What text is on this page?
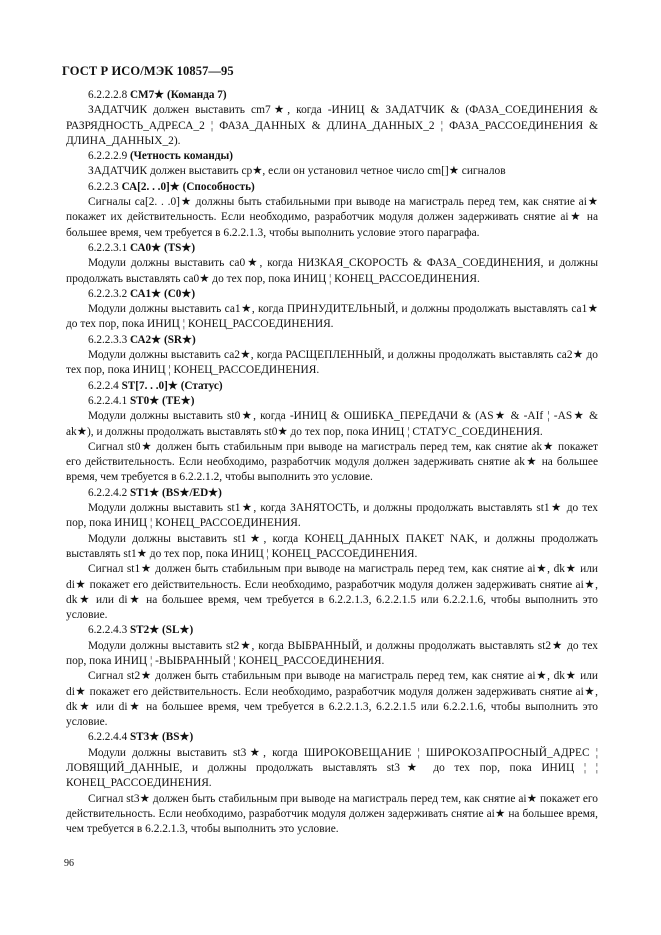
ГОСТ Р ИСО/МЭК 10857—95

6.2.2.2.8 СМ7★ (Команда 7)

ЗАДАТЧИК должен выставить cm7★, когда -ИНИЦ & ЗАДАТЧИК & (ФАЗА_СОЕДИНЕНИЯ & РАЗРЯДНОСТЬ_АДРЕСА_2 ¦ ФАЗА_ДАННЫХ & ДЛИНА_ДАННЫХ_2 ¦ ФАЗА_РАССОЕДИНЕНИЯ & ДЛИНА_ДАННЫХ_2).

6.2.2.2.9 (Четность команды)

ЗАДАТЧИК должен выставить ср★, если он установил четное число cm[]★ сигналов

6.2.2.3 СА[2. . .0]★ (Способность)

Сигналы са[2. . .0]★ должны быть стабильными при выводе на магистраль перед тем, как снятие ai★ покажет их действительность. Если необходимо, разработчик модуля должен задерживать снятие ai★ на большее время, чем требуется в 6.2.2.1.3, чтобы выполнить условие этого параграфа.

6.2.2.3.1 СА0★ (TS★)

Модули должны выставить са0★, когда НИЗКАЯ_СКОРОСТЬ & ФАЗА_СОЕДИНЕНИЯ, и должны продолжать выставлять са0★ до тех пор, пока ИНИЦ ¦ КОНЕЦ_РАССОЕДИНЕНИЯ.

6.2.2.3.2 СА1★ (С0★)

Модули должны выставить са1★, когда ПРИНУДИТЕЛЬНЫЙ, и должны продолжать выставлять са1★ до тех пор, пока ИНИЦ ¦ КОНЕЦ_РАССОЕДИНЕНИЯ.

6.2.2.3.3 СА2★ (SR★)

Модули должны выставить са2★, когда РАСЩЕПЛЕННЫЙ, и должны продолжать выставлять са2★ до тех пор, пока ИНИЦ ¦ КОНЕЦ_РАССОЕДИНЕНИЯ.

6.2.2.4 ST[7. . .0]★ (Статус)

6.2.2.4.1 ST0★ (TE★)

Модули должны выставить st0★, когда -ИНИЦ & ОШИБКА_ПЕРЕДАЧИ & (AS★ & -AIf ¦ -AS★ & ak★), и должны продолжать выставлять st0★ до тех пор, пока ИНИЦ ¦ СТАТУС_СОЕДИНЕНИЯ.

Сигнал st0★ должен быть стабильным при выводе на магистраль перед тем, как снятие ak★ покажет его действительность. Если необходимо, разработчик модуля должен задерживать снятие ak★ на большее время, чем требуется в 6.2.2.1.2, чтобы выполнить это условие.

6.2.2.4.2 ST1★ (BS★/ED★)

Модули должны выставить st1★, когда ЗАНЯТОСТЬ, и должны продолжать выставлять st1★ до тех пор, пока ИНИЦ ¦ КОНЕЦ_РАССОЕДИНЕНИЯ.

Модули должны выставить st1★, когда КОНЕЦ_ДАННЫХ ПАКЕТ NAK, и должны продолжать выставлять st1★ до тех пор, пока ИНИЦ ¦ КОНЕЦ_РАССОЕДИНЕНИЯ.

Сигнал st1★ должен быть стабильным при выводе на магистраль перед тем, как снятие ai★, dk★ или di★ покажет его действительность. Если необходимо, разработчик модуля должен задерживать снятие ai★, dk★ или di★ на большее время, чем требуется в 6.2.2.1.3, 6.2.2.1.5 или 6.2.2.1.6, чтобы выполнить это условие.

6.2.2.4.3 ST2★ (SL★)

Модули должны выставить st2★, когда ВЫБРАННЫЙ, и должны продолжать выставлять st2★ до тех пор, пока ИНИЦ ¦ -ВЫБРАННЫЙ ¦ КОНЕЦ_РАССОЕДИНЕНИЯ.

Сигнал st2★ должен быть стабильным при выводе на магистраль перед тем, как снятие ai★, dk★ или di★ покажет его действительность. Если необходимо, разработчик модуля должен задерживать снятие ai★, dk★ или di★ на большее время, чем требуется в 6.2.2.1.3, 6.2.2.1.5 или 6.2.2.1.6, чтобы выполнить это условие.

6.2.2.4.4 ST3★ (BS★)

Модули должны выставить st3★, когда ШИРОКОВЕЩАНИЕ ¦ ШИРОКОЗАПРОСНЫЙ_АДРЕС ¦ ЛОВЯЩИЙ_ДАННЫЕ, и должны продолжать выставлять st3★ до тех пор, пока ИНИЦ ¦ ¦ КОНЕЦ_РАССОЕДИНЕНИЯ.

Сигнал st3★ должен быть стабильным при выводе на магистраль перед тем, как снятие ai★ покажет его действительность. Если необходимо, разработчик модуля должен задерживать снятие ai★ на большее время, чем требуется в 6.2.2.1.3, чтобы выполнить это условие.

96
